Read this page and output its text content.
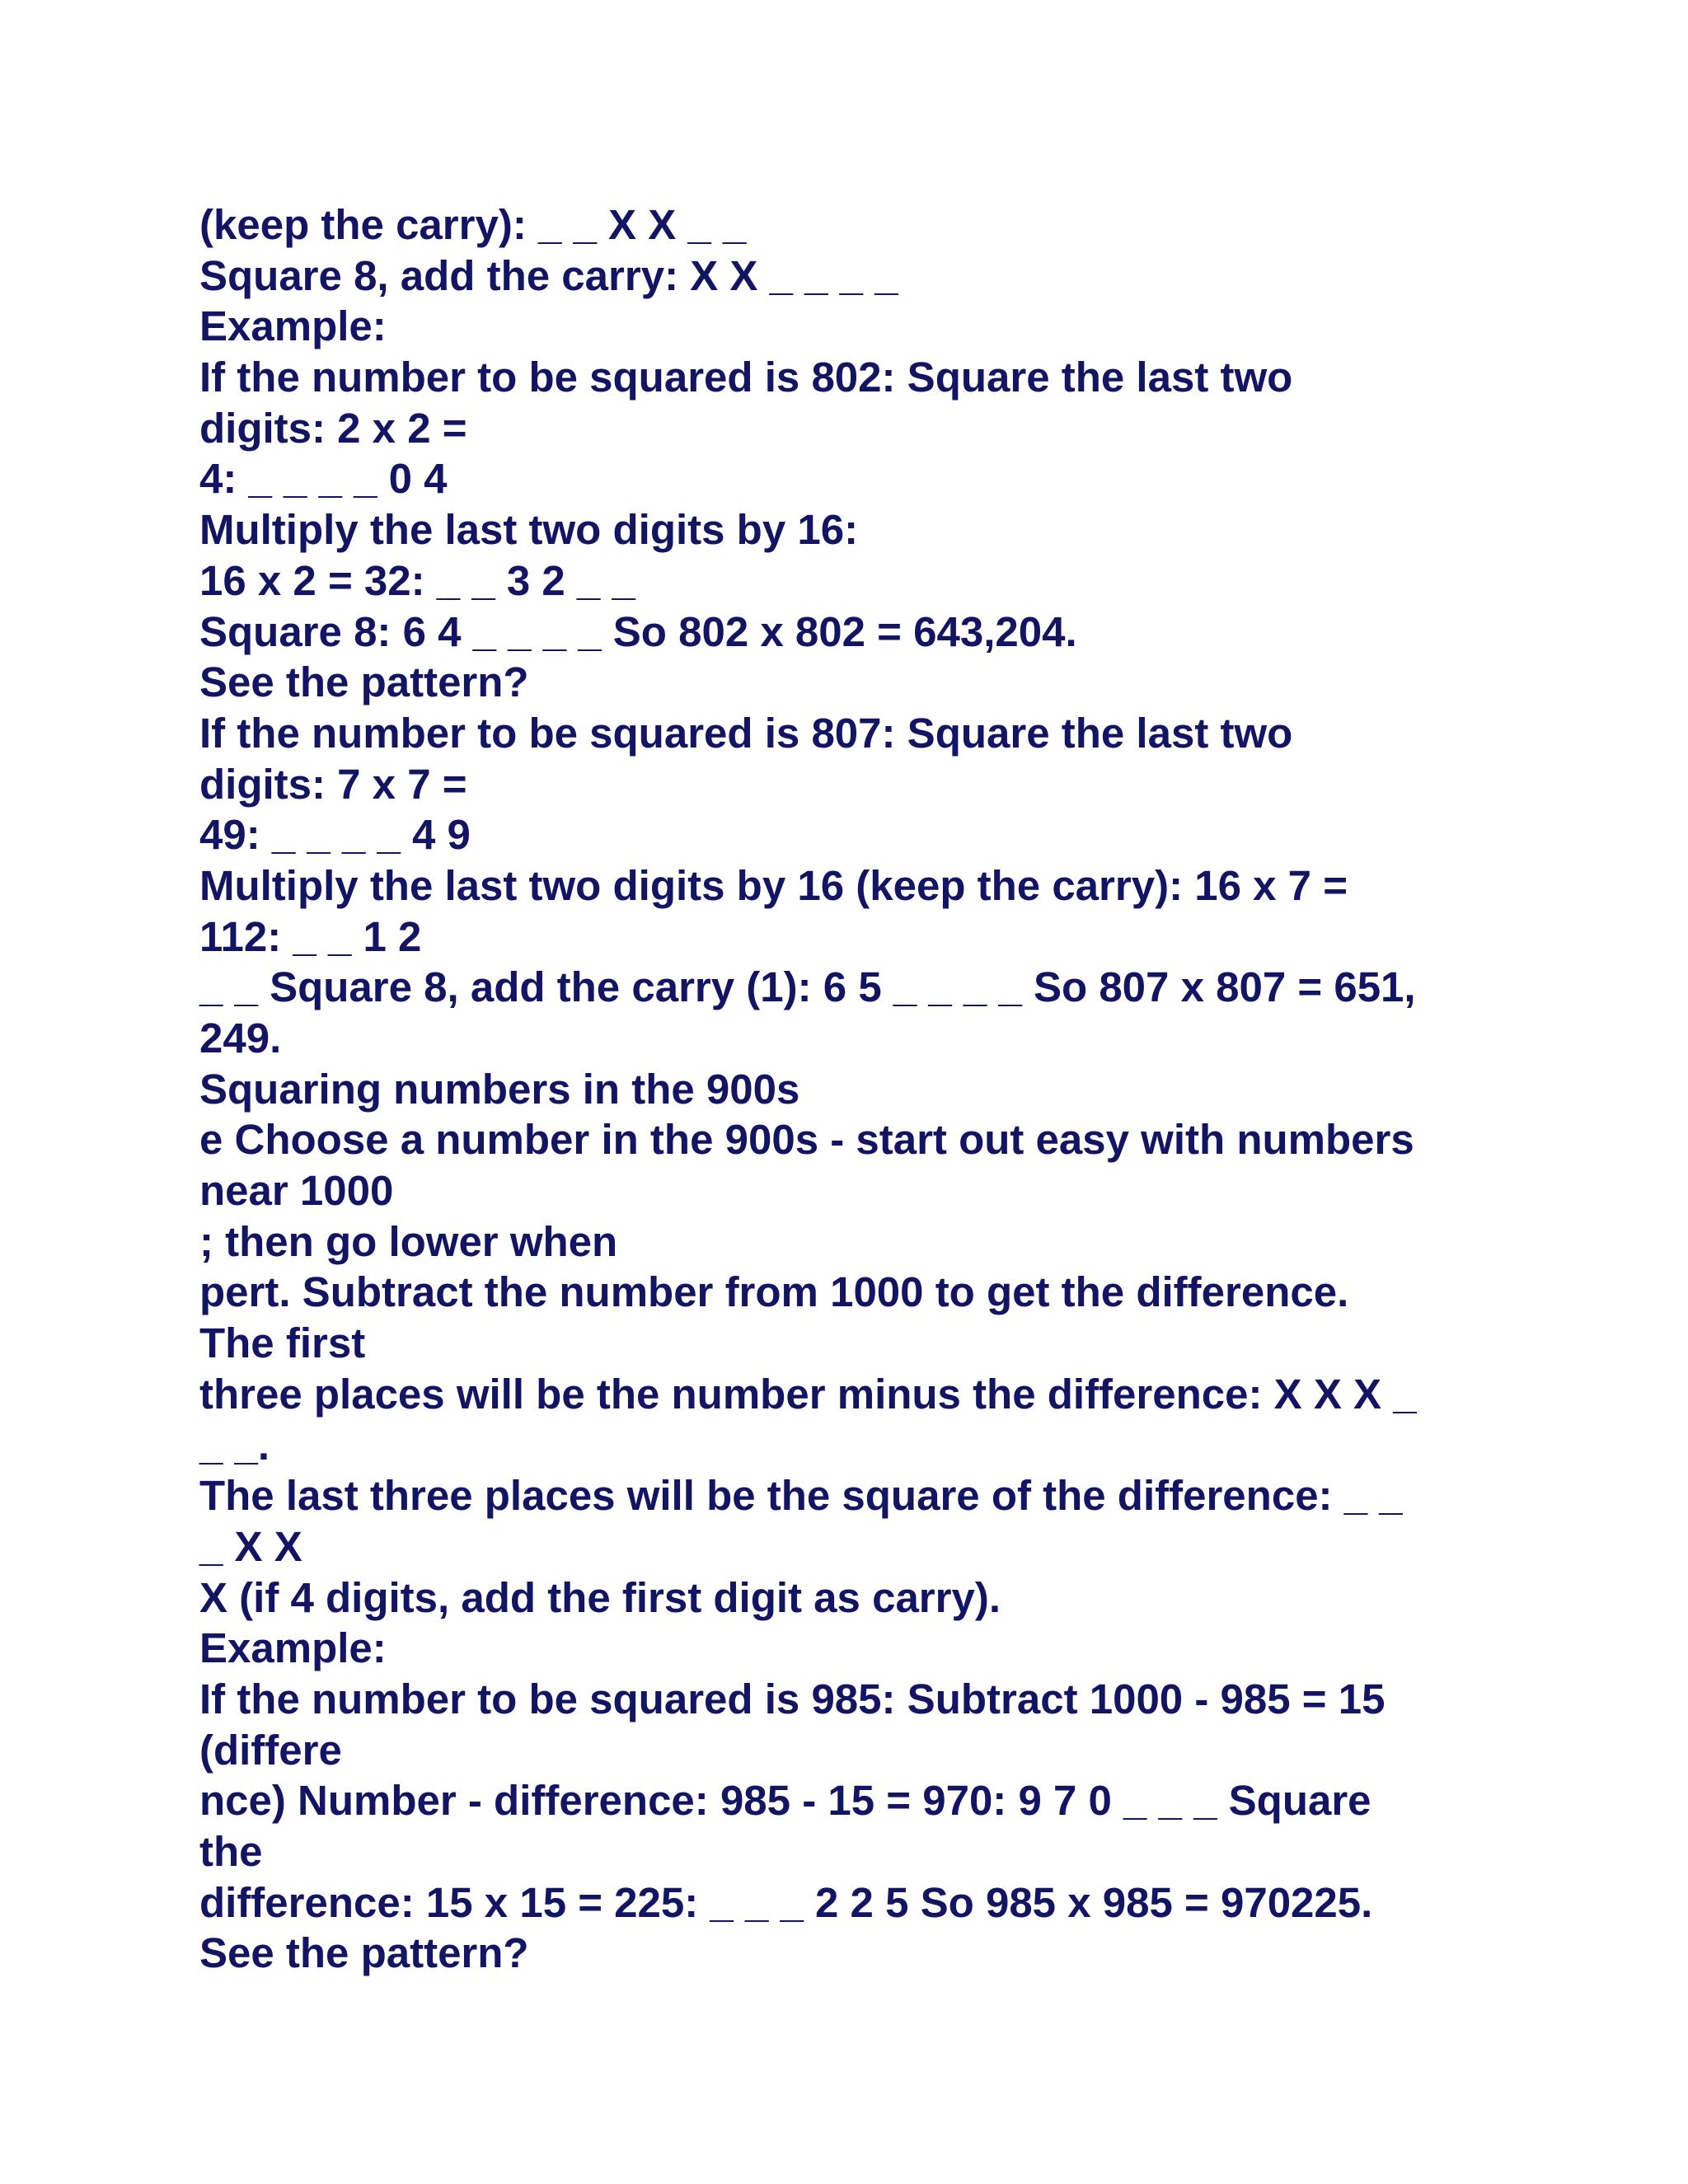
(keep the carry): _ _ X X _ _
Square 8, add the carry: X X _ _ _ _
Example:
If the number to be squared is 802: Square the last two
digits: 2 x 2 =
4: _ _ _ _ 0 4
Multiply the last two digits by 16:
16 x 2 = 32: _ _ 3 2 _ _
Square 8: 6 4 _ _ _ _ So 802 x 802 = 643,204.
See the pattern?
If the number to be squared is 807: Square the last two
digits: 7 x 7 =
49: _ _ _ _ 4 9
Multiply the last two digits by 16 (keep the carry): 16 x 7 =
112: _ _ 1 2
_ _ Square 8, add the carry (1): 6 5 _ _ _ _ So 807 x 807 = 651,
249.
Squaring numbers in the 900s
e Choose a number in the 900s - start out easy with numbers
near 1000
; then go lower when
pert. Subtract the number from 1000 to get the difference.
The first
three places will be the number minus the difference: X X X _
_ _.
The last three places will be the square of the difference: _ _
_ X X
X (if 4 digits, add the first digit as carry).
Example:
If the number to be squared is 985: Subtract 1000 - 985 = 15
(differe
nce) Number - difference: 985 - 15 = 970: 9 7 0 _ _ _ Square
the
difference: 15 x 15 = 225: _ _ _ 2 2 5 So 985 x 985 = 970225.
See the pattern?
